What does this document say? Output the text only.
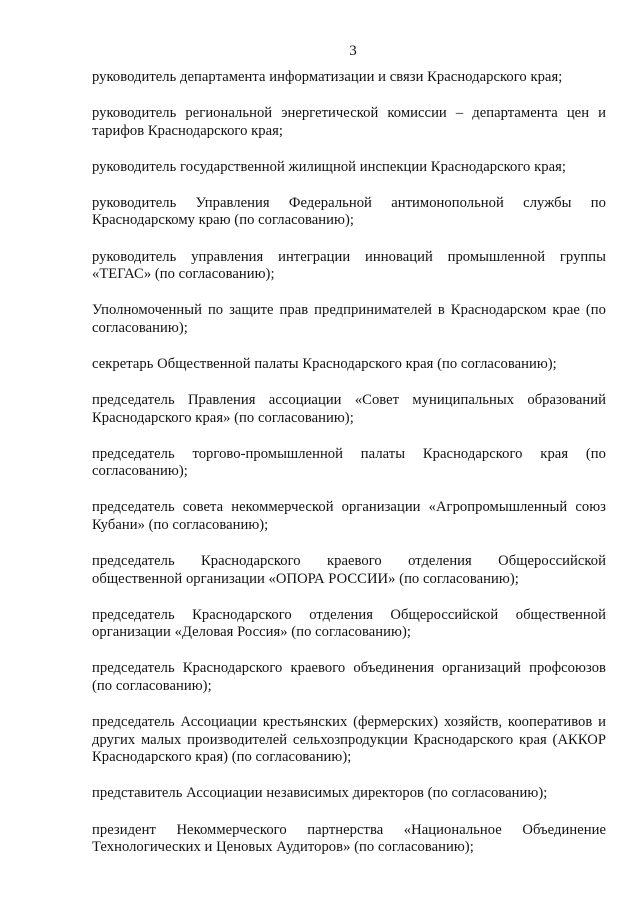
3
руководитель департамента информатизации и связи Краснодарского края;
руководитель региональной энергетической комиссии – департамента цен и тарифов Краснодарского края;
руководитель государственной жилищной инспекции Краснодарского края;
руководитель Управления Федеральной антимонопольной службы по Краснодарскому краю (по согласованию);
руководитель управления интеграции инноваций промышленной группы «ТЕГАС» (по согласованию);
Уполномоченный по защите прав предпринимателей в Краснодарском крае (по согласованию);
секретарь Общественной палаты Краснодарского края (по согласованию);
председатель Правления ассоциации «Совет муниципальных образований Краснодарского края» (по согласованию);
председатель торгово-промышленной палаты Краснодарского края (по согласованию);
председатель совета некоммерческой организации «Агропромышленный союз Кубани» (по согласованию);
председатель Краснодарского краевого отделения Общероссийской общественной организации «ОПОРА РОССИИ» (по согласованию);
председатель Краснодарского отделения Общероссийской общественной организации «Деловая Россия» (по согласованию);
председатель Краснодарского краевого объединения организаций профсоюзов (по согласованию);
председатель Ассоциации крестьянских (фермерских) хозяйств, кооперативов и других малых производителей сельхозпродукции Краснодарского края (АККОР Краснодарского края) (по согласованию);
представитель Ассоциации независимых директоров (по согласованию);
президент Некоммерческого партнерства «Национальное Объединение Технологических и Ценовых Аудиторов» (по согласованию);
